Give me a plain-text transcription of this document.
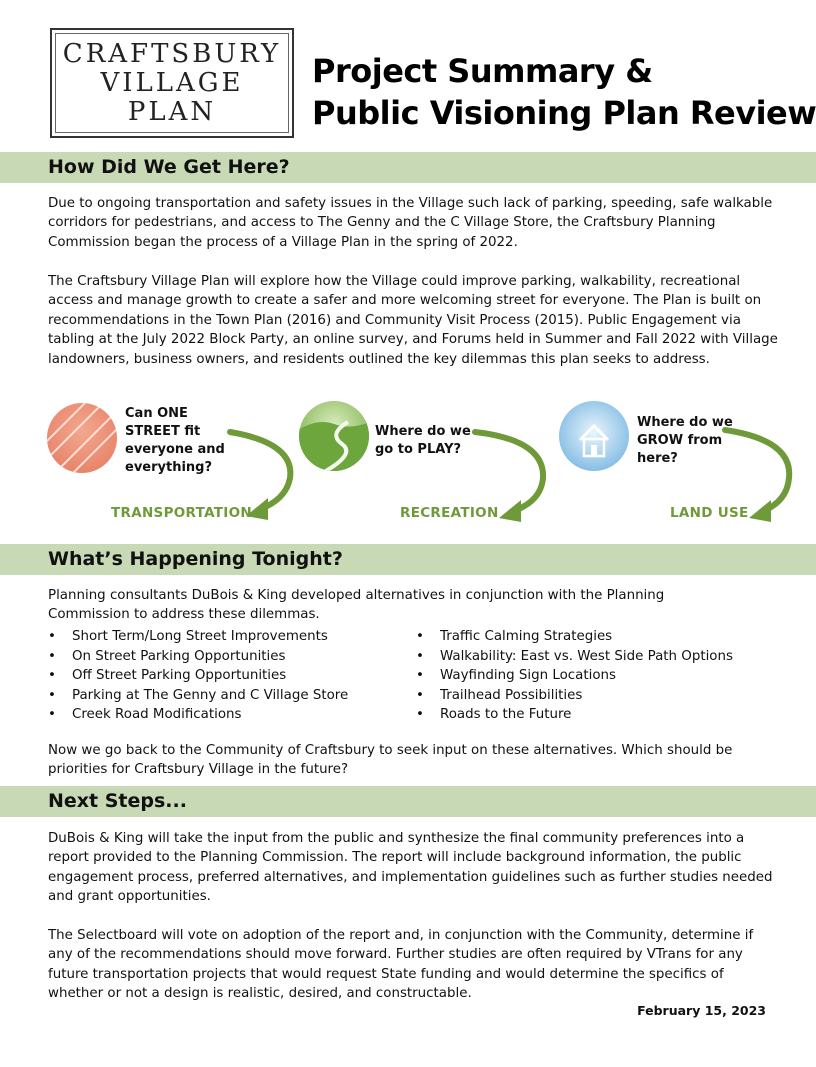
CRAFTSBURY
VILLAGE
PLAN
Project Summary &
Public Visioning Plan Review
How Did We Get Here?

Due to ongoing transportation and safety issues in the Village such lack of parking, speeding, safe walkable corridors for pedestrians, and access to The Genny and the C Village Store, the Craftsbury Planning Commission began the process of a Village Plan in the spring of 2022.

The Craftsbury Village Plan will explore how the Village could improve parking, walkability, recreational access and manage growth to create a safer and more welcoming street for everyone. The Plan is built on recommendations in the Town Plan (2016) and Community Visit Process (2015). Public Engagement via tabling at the July 2022 Block Party, an online survey, and Forums held in Summer and Fall 2022 with Village landowners, business owners, and residents outlined the key dilemmas this plan seeks to address.

Can ONE STREET fit everyone and everything?
Where do we go to PLAY?
Where do we GROW from here?
TRANSPORTATION	RECREATION	LAND USE
What’s Happening Tonight?

Planning consultants DuBois & King developed alternatives in conjunction with the Planning Commission to address these dilemmas.

• Short Term/Long Street Improvements
• On Street Parking Opportunities
• Off Street Parking Opportunities
• Parking at The Genny and C Village Store
• Creek Road Modifications
• Traffic Calming Strategies
• Walkability: East vs. West Side Path Options
• Wayfinding Sign Locations
• Trailhead Possibilities
• Roads to the Future

Now we go back to the Community of Craftsbury to seek input on these alternatives. Which should be priorities for Craftsbury Village in the future?

Next Steps...

DuBois & King will take the input from the public and synthesize the final community preferences into a report provided to the Planning Commission. The report will include background information, the public engagement process, preferred alternatives, and implementation guidelines such as further studies needed and grant opportunities.

The Selectboard will vote on adoption of the report and, in conjunction with the Community, determine if any of the recommendations should move forward. Further studies are often required by VTrans for any future transportation projects that would request State funding and would determine the specifics of whether or not a design is realistic, desired, and constructable.

February 15, 2023
